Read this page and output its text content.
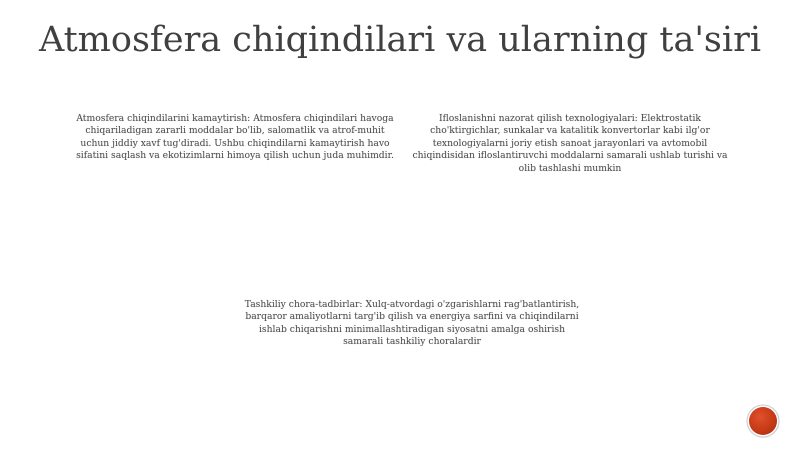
Atmosfera chiqindilari va ularning ta'siri
Atmosfera chiqindilarini kamaytirish: Atmosfera chiqindilari havoga chiqariladigan zararli moddalar bo'lib, salomatlik va atrof-muhit uchun jiddiy xavf tug'diradi. Ushbu chiqindilarni kamaytirish havo sifatini saqlash va ekotizimlarni himoya qilish uchun juda muhimdir.
Ifloslanishni nazorat qilish texnologiyalari: Elektrostatik cho'ktirgichlar, sunkalar va katalitik konvertorlar kabi ilg'or texnologiyalarni joriy etish sanoat jarayonlari va avtomobil chiqindisidan ifloslantiruvchi moddalarni samarali ushlab turishi va olib tashlashi mumkin
Tashkiliy chora-tadbirlar: Xulq-atvordagi o'zgarishlarni rag'batlantirish, barqaror amaliyotlarni targ'ib qilish va energiya sarfini va chiqindilarni ishlab chiqarishni minimallashtiradigan siyosatni amalga oshirish samarali tashkiliy choralardir
